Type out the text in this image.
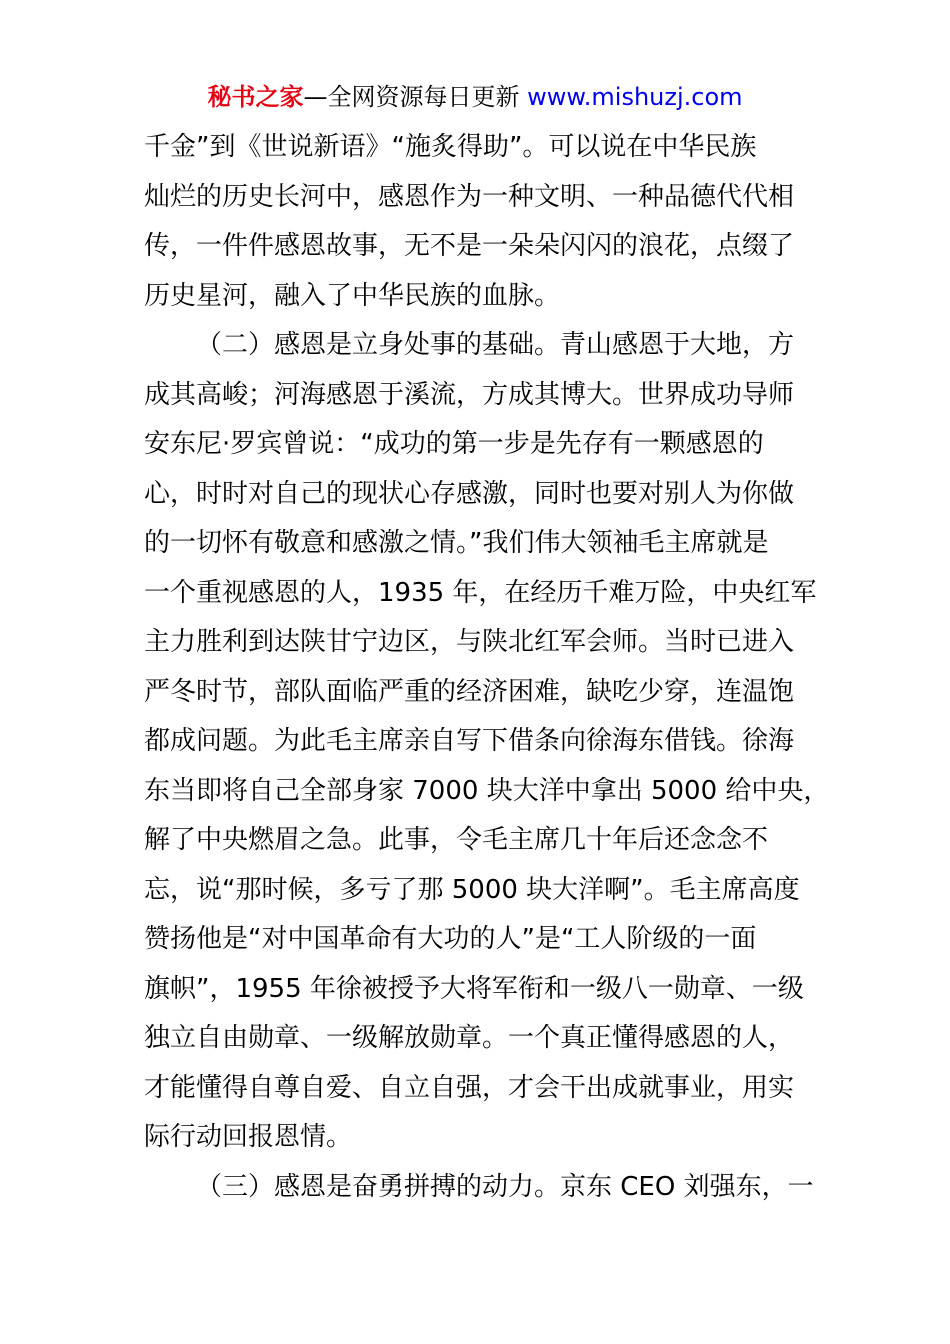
秘书之家—全网资源每日更新 www.mishuzj.com
千金”到《世说新语》“施炙得助”。可以说在中华民族
灿烂的历史长河中，感恩作为一种文明、一种品德代代相
传，一件件感恩故事，无不是一朵朵闪闪的浪花，点缀了
历史星河，融入了中华民族的血脉。
（二）感恩是立身处事的基础。青山感恩于大地，方
成其高峻；河海感恩于溪流，方成其博大。世界成功导师
安东尼·罗宾曾说：“成功的第一步是先存有一颗感恩的
心，时时对自己的现状心存感激，同时也要对别人为你做
的一切怀有敬意和感激之情。”我们伟大领袖毛主席就是
一个重视感恩的人，1935 年，在经历千难万险，中央红军
主力胜利到达陕甘宁边区，与陕北红军会师。当时已进入
严冬时节，部队面临严重的经济困难，缺吃少穿，连温饱
都成问题。为此毛主席亲自写下借条向徐海东借钱。徐海
东当即将自己全部身家 7000 块大洋中拿出 5000 给中央，
解了中央燃眉之急。此事，令毛主席几十年后还念念不
忘，说“那时候，多亏了那 5000 块大洋啊”。毛主席高度
赞扬他是“对中国革命有大功的人”是“工人阶级的一面
旗帜”，1955 年徐被授予大将军衔和一级八一勋章、一级
独立自由勋章、一级解放勋章。一个真正懂得感恩的人，
才能懂得自尊自爱、自立自强，才会干出成就事业，用实
际行动回报恩情。
（三）感恩是奋勇拼搏的动力。京东 CEO 刘强东，一
